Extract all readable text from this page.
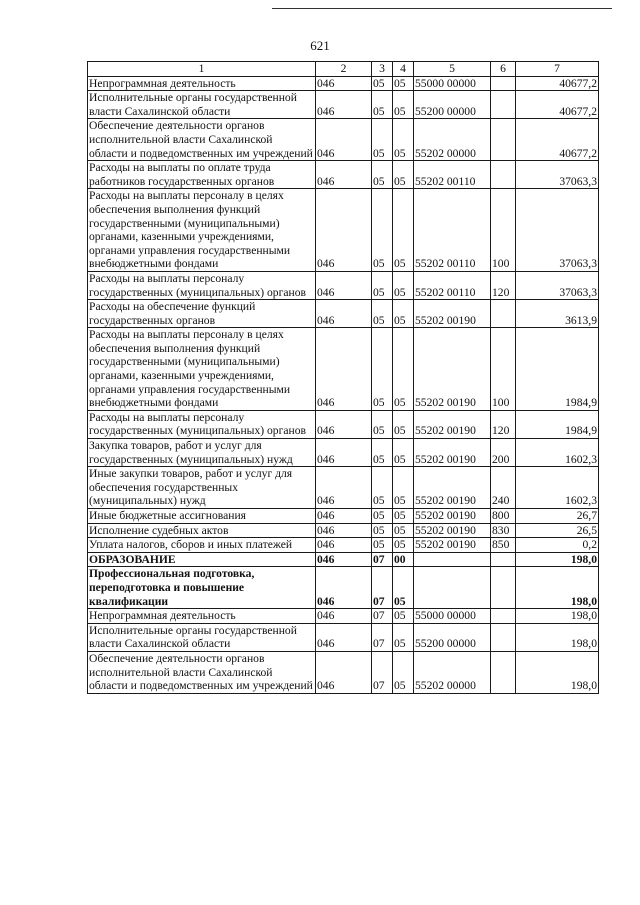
621
1	2	3	4	5	6	7
Непрограммная деятельность	046	05	05	55000 00000		40677,2
Исполнительные органы государственной власти Сахалинской области	046	05	05	55200 00000		40677,2
Обеспечение деятельности органов исполнительной власти Сахалинской области и подведомственных им учреждений	046	05	05	55202 00000		40677,2
Расходы на выплаты по оплате труда работников государственных органов	046	05	05	55202 00110		37063,3
Расходы на выплаты персоналу в целях обеспечения выполнения функций государственными (муниципальными) органами, казенными учреждениями, органами управления государственными внебюджетными фондами	046	05	05	55202 00110	100	37063,3
Расходы на выплаты персоналу государственных (муниципальных) органов	046	05	05	55202 00110	120	37063,3
Расходы на обеспечение функций государственных органов	046	05	05	55202 00190		3613,9
Расходы на выплаты персоналу в целях обеспечения выполнения функций государственными (муниципальными) органами, казенными учреждениями, органами управления государственными внебюджетными фондами	046	05	05	55202 00190	100	1984,9
Расходы на выплаты персоналу государственных (муниципальных) органов	046	05	05	55202 00190	120	1984,9
Закупка товаров, работ и услуг для государственных (муниципальных) нужд	046	05	05	55202 00190	200	1602,3
Иные закупки товаров, работ и услуг для обеспечения государственных (муниципальных) нужд	046	05	05	55202 00190	240	1602,3
Иные бюджетные ассигнования	046	05	05	55202 00190	800	26,7
Исполнение судебных актов	046	05	05	55202 00190	830	26,5
Уплата налогов, сборов и иных платежей	046	05	05	55202 00190	850	0,2
ОБРАЗОВАНИЕ	046	07	00			198,0
Профессиональная подготовка, переподготовка и повышение квалификации	046	07	05			198,0
Непрограммная деятельность	046	07	05	55000 00000		198,0
Исполнительные органы государственной власти Сахалинской области	046	07	05	55200 00000		198,0
Обеспечение деятельности органов исполнительной власти Сахалинской области и подведомственных им учреждений	046	07	05	55202 00000		198,0
